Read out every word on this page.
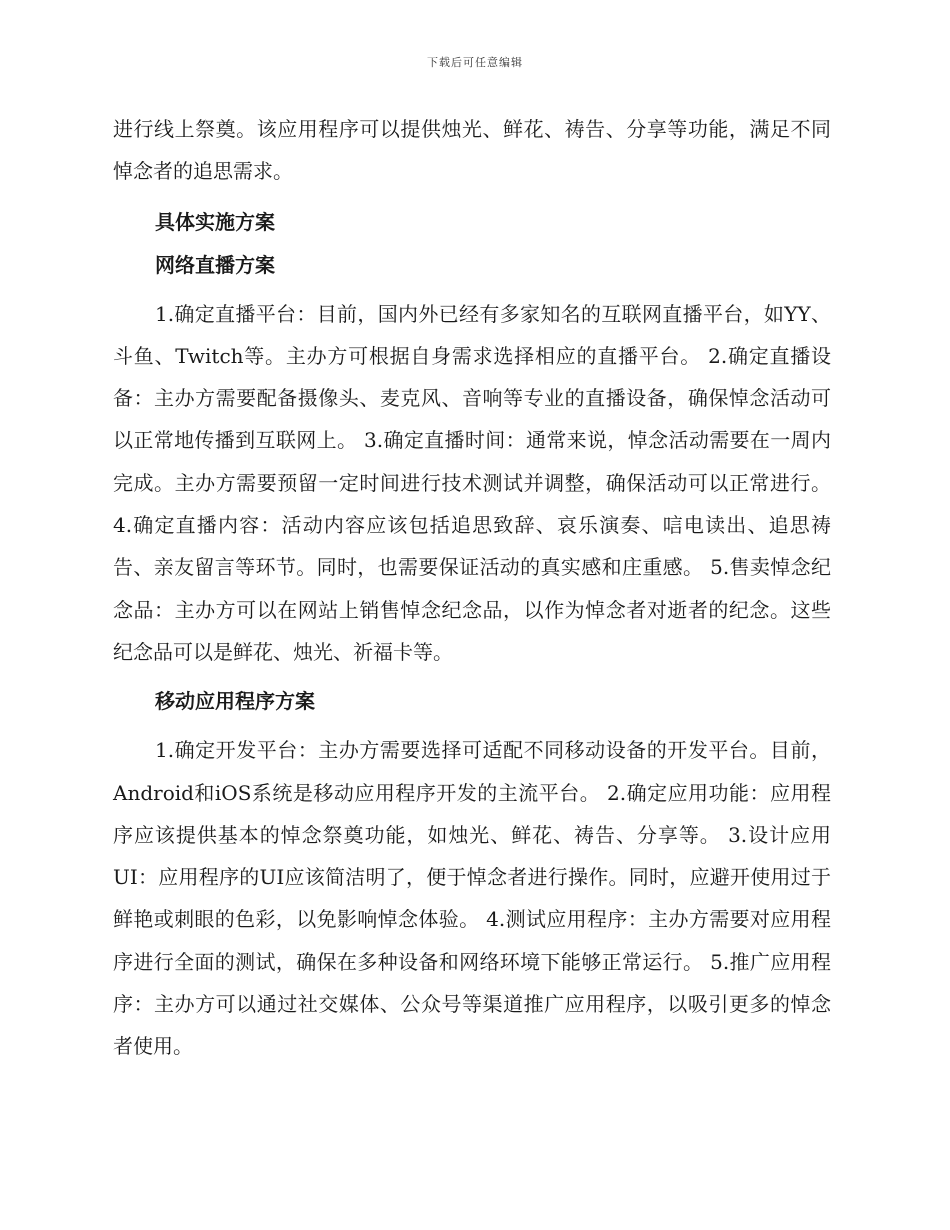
下载后可任意编辑

进行线上祭奠。该应用程序可以提供烛光、鲜花、祷告、分享等功能，满足不同悼念者的追思需求。

具体实施方案
网络直播方案

1.确定直播平台：目前，国内外已经有多家知名的互联网直播平台，如YY、斗鱼、Twitch等。主办方可根据自身需求选择相应的直播平台。 2.确定直播设备：主办方需要配备摄像头、麦克风、音响等专业的直播设备，确保悼念活动可以正常地传播到互联网上。 3.确定直播时间：通常来说，悼念活动需要在一周内完成。主办方需要预留一定时间进行技术测试并调整，确保活动可以正常进行。 4.确定直播内容：活动内容应该包括追思致辞、哀乐演奏、唁电读出、追思祷告、亲友留言等环节。同时，也需要保证活动的真实感和庄重感。 5.售卖悼念纪念品：主办方可以在网站上销售悼念纪念品，以作为悼念者对逝者的纪念。这些纪念品可以是鲜花、烛光、祈福卡等。

移动应用程序方案

1.确定开发平台：主办方需要选择可适配不同移动设备的开发平台。目前，Android和iOS系统是移动应用程序开发的主流平台。 2.确定应用功能：应用程序应该提供基本的悼念祭奠功能，如烛光、鲜花、祷告、分享等。 3.设计应用UI：应用程序的UI应该简洁明了，便于悼念者进行操作。同时，应避开使用过于鲜艳或刺眼的色彩，以免影响悼念体验。 4.测试应用程序：主办方需要对应用程序进行全面的测试，确保在多种设备和网络环境下能够正常运行。 5.推广应用程序：主办方可以通过社交媒体、公众号等渠道推广应用程序，以吸引更多的悼念者使用。
